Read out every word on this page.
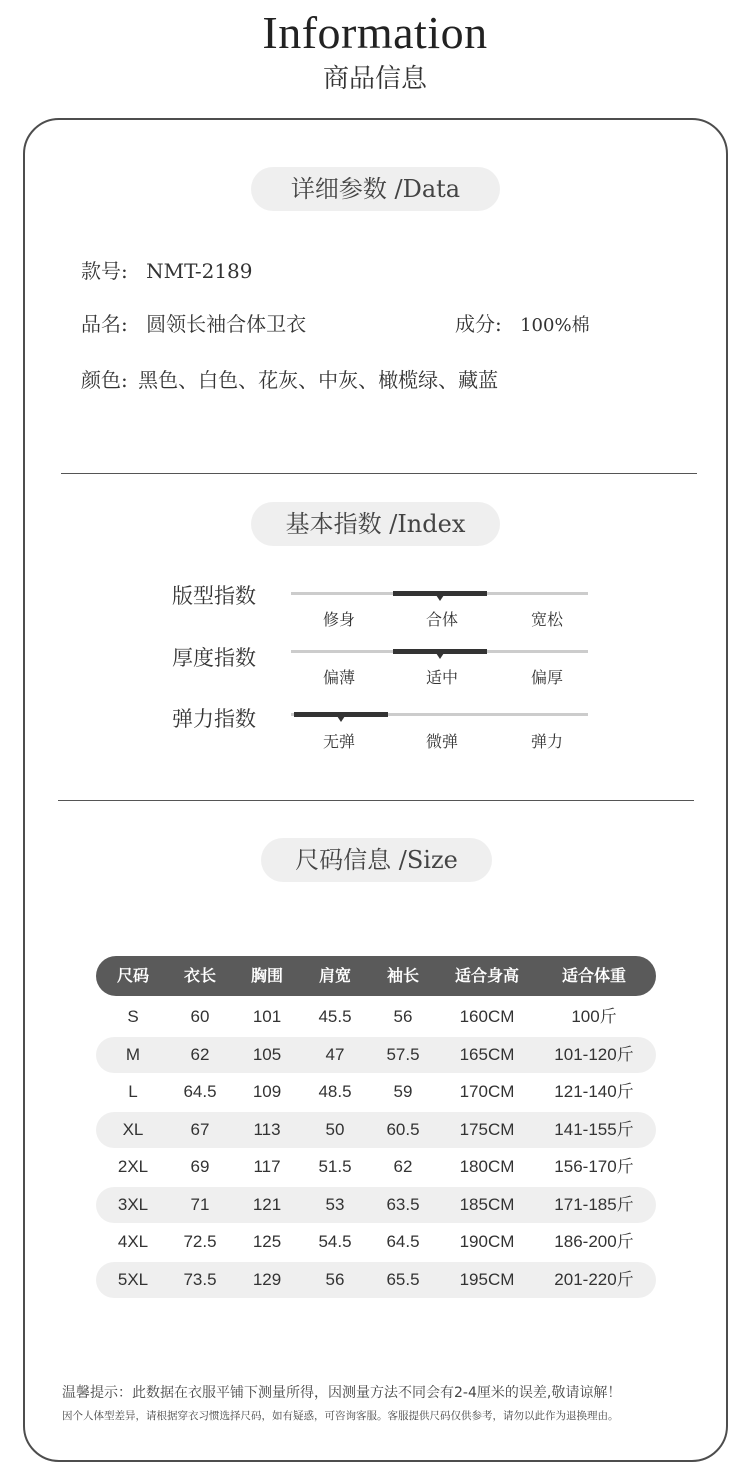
Information
商品信息
详细参数 /Data
款号: NMT-2189
品名: 圆领长袖合体卫衣	成分: 100%棉
颜色: 黑色、白色、花灰、中灰、橄榄绿、藏蓝
基本指数 /Index
版型指数
修身	合体	宽松
厚度指数
偏薄	适中	偏厚
弹力指数
无弹	微弹	弹力
尺码信息 /Size
尺码	衣长	胸围	肩宽	袖长	适合身高	适合体重
S	60	101	45.5	56	160CM	100斤
M	62	105	47	57.5	165CM	101-120斤
L	64.5	109	48.5	59	170CM	121-140斤
XL	67	113	50	60.5	175CM	141-155斤
2XL	69	117	51.5	62	180CM	156-170斤
3XL	71	121	53	63.5	185CM	171-185斤
4XL	72.5	125	54.5	64.5	190CM	186-200斤
5XL	73.5	129	56	65.5	195CM	201-220斤
温馨提示：此数据在衣服平铺下测量所得，因测量方法不同会有2-4厘米的误差,敬请谅解！
因个人体型差异，请根据穿衣习惯选择尺码，如有疑惑，可咨询客服。客服提供尺码仅供参考，请勿以此作为退换理由。
